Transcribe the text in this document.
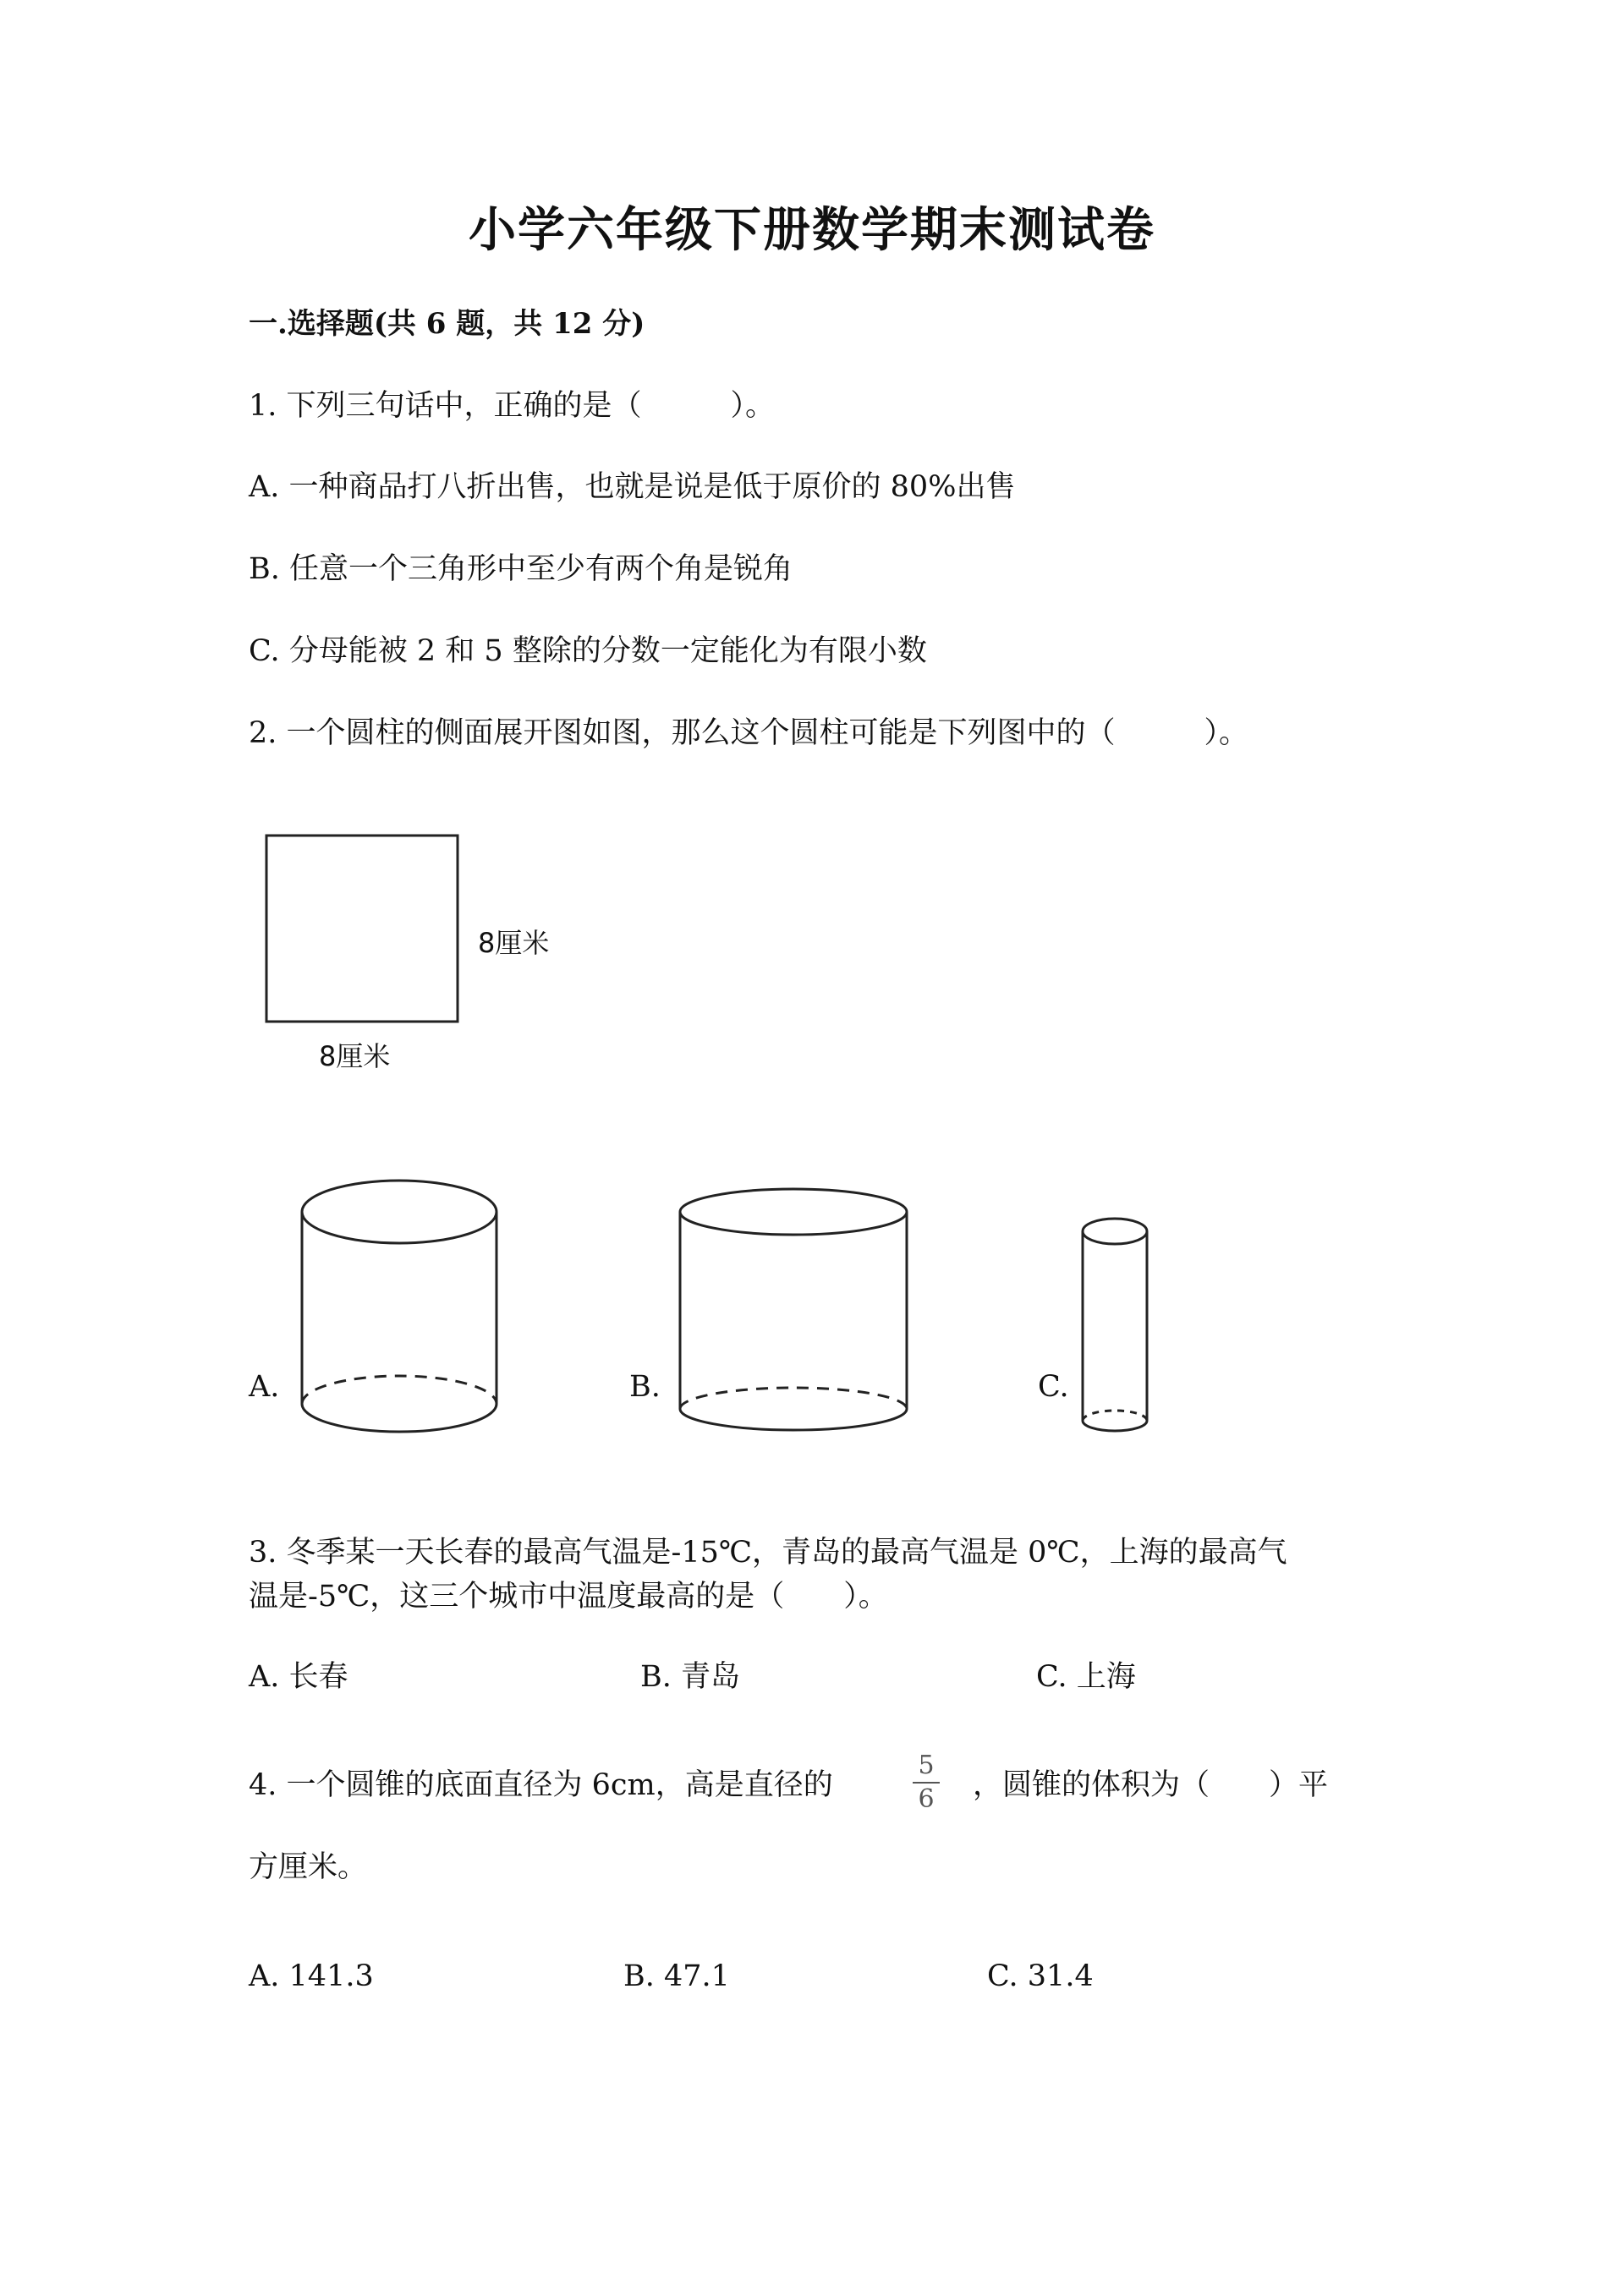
小学六年级下册数学期末测试卷
一.选择题(共 6 题，共 12 分)
1. 下列三句话中，正确的是（　　　）。
A. 一种商品打八折出售，也就是说是低于原价的 80%出售
B. 任意一个三角形中至少有两个角是锐角
C. 分母能被 2 和 5 整除的分数一定能化为有限小数
2. 一个圆柱的侧面展开图如图，那么这个圆柱可能是下列图中的（　　　）。
8厘米
8厘米
A.	B.	C.
3. 冬季某一天长春的最高气温是-15℃，青岛的最高气温是 0℃，上海的最高气
温是-5℃，这三个城市中温度最高的是（　　）。
A. 长春	B. 青岛	C. 上海
4. 一个圆锥的底面直径为 6cm，高是直径的
5
6 ，圆锥的体积为（　　）平
方厘米。
A. 141.3	B. 47.1	C. 31.4
